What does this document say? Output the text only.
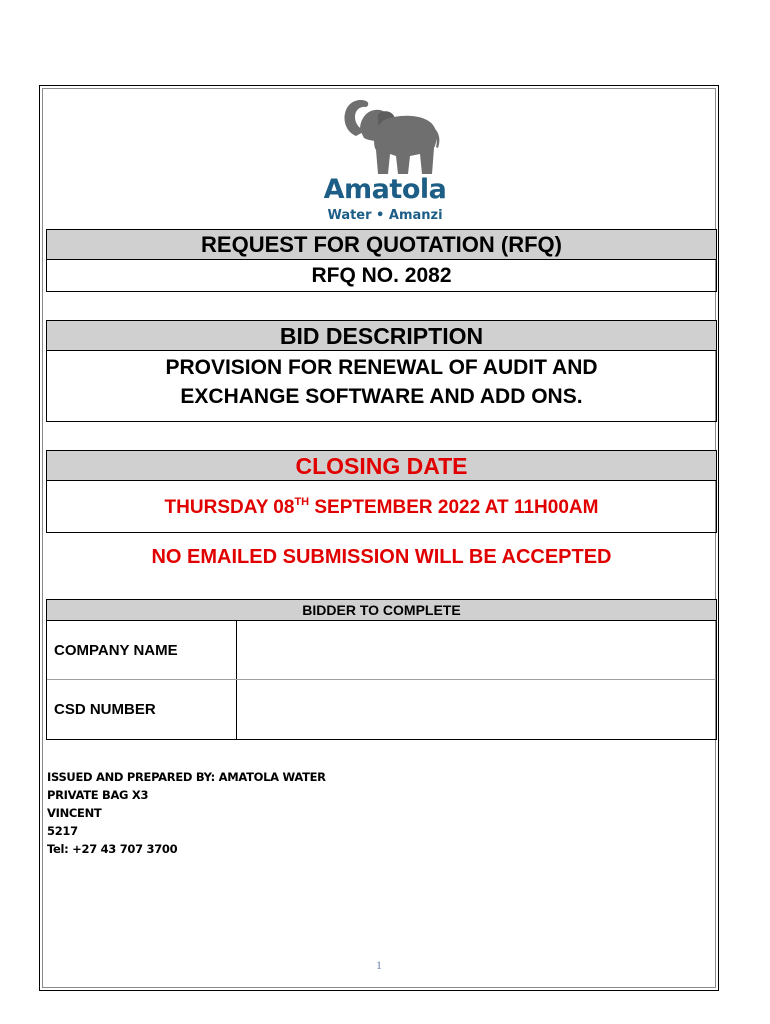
Amatola
Water • Amanzi
REQUEST FOR QUOTATION (RFQ)
RFQ NO. 2082
BID DESCRIPTION
PROVISION FOR RENEWAL OF AUDIT AND
EXCHANGE SOFTWARE AND ADD ONS.
CLOSING DATE
THURSDAY 08TH SEPTEMBER 2022 AT 11H00AM
NO EMAILED SUBMISSION WILL BE ACCEPTED
BIDDER TO COMPLETE
COMPANY NAME
CSD NUMBER
ISSUED AND PREPARED BY: AMATOLA WATER
PRIVATE BAG X3
VINCENT
5217
Tel: +27 43 707 3700
1
